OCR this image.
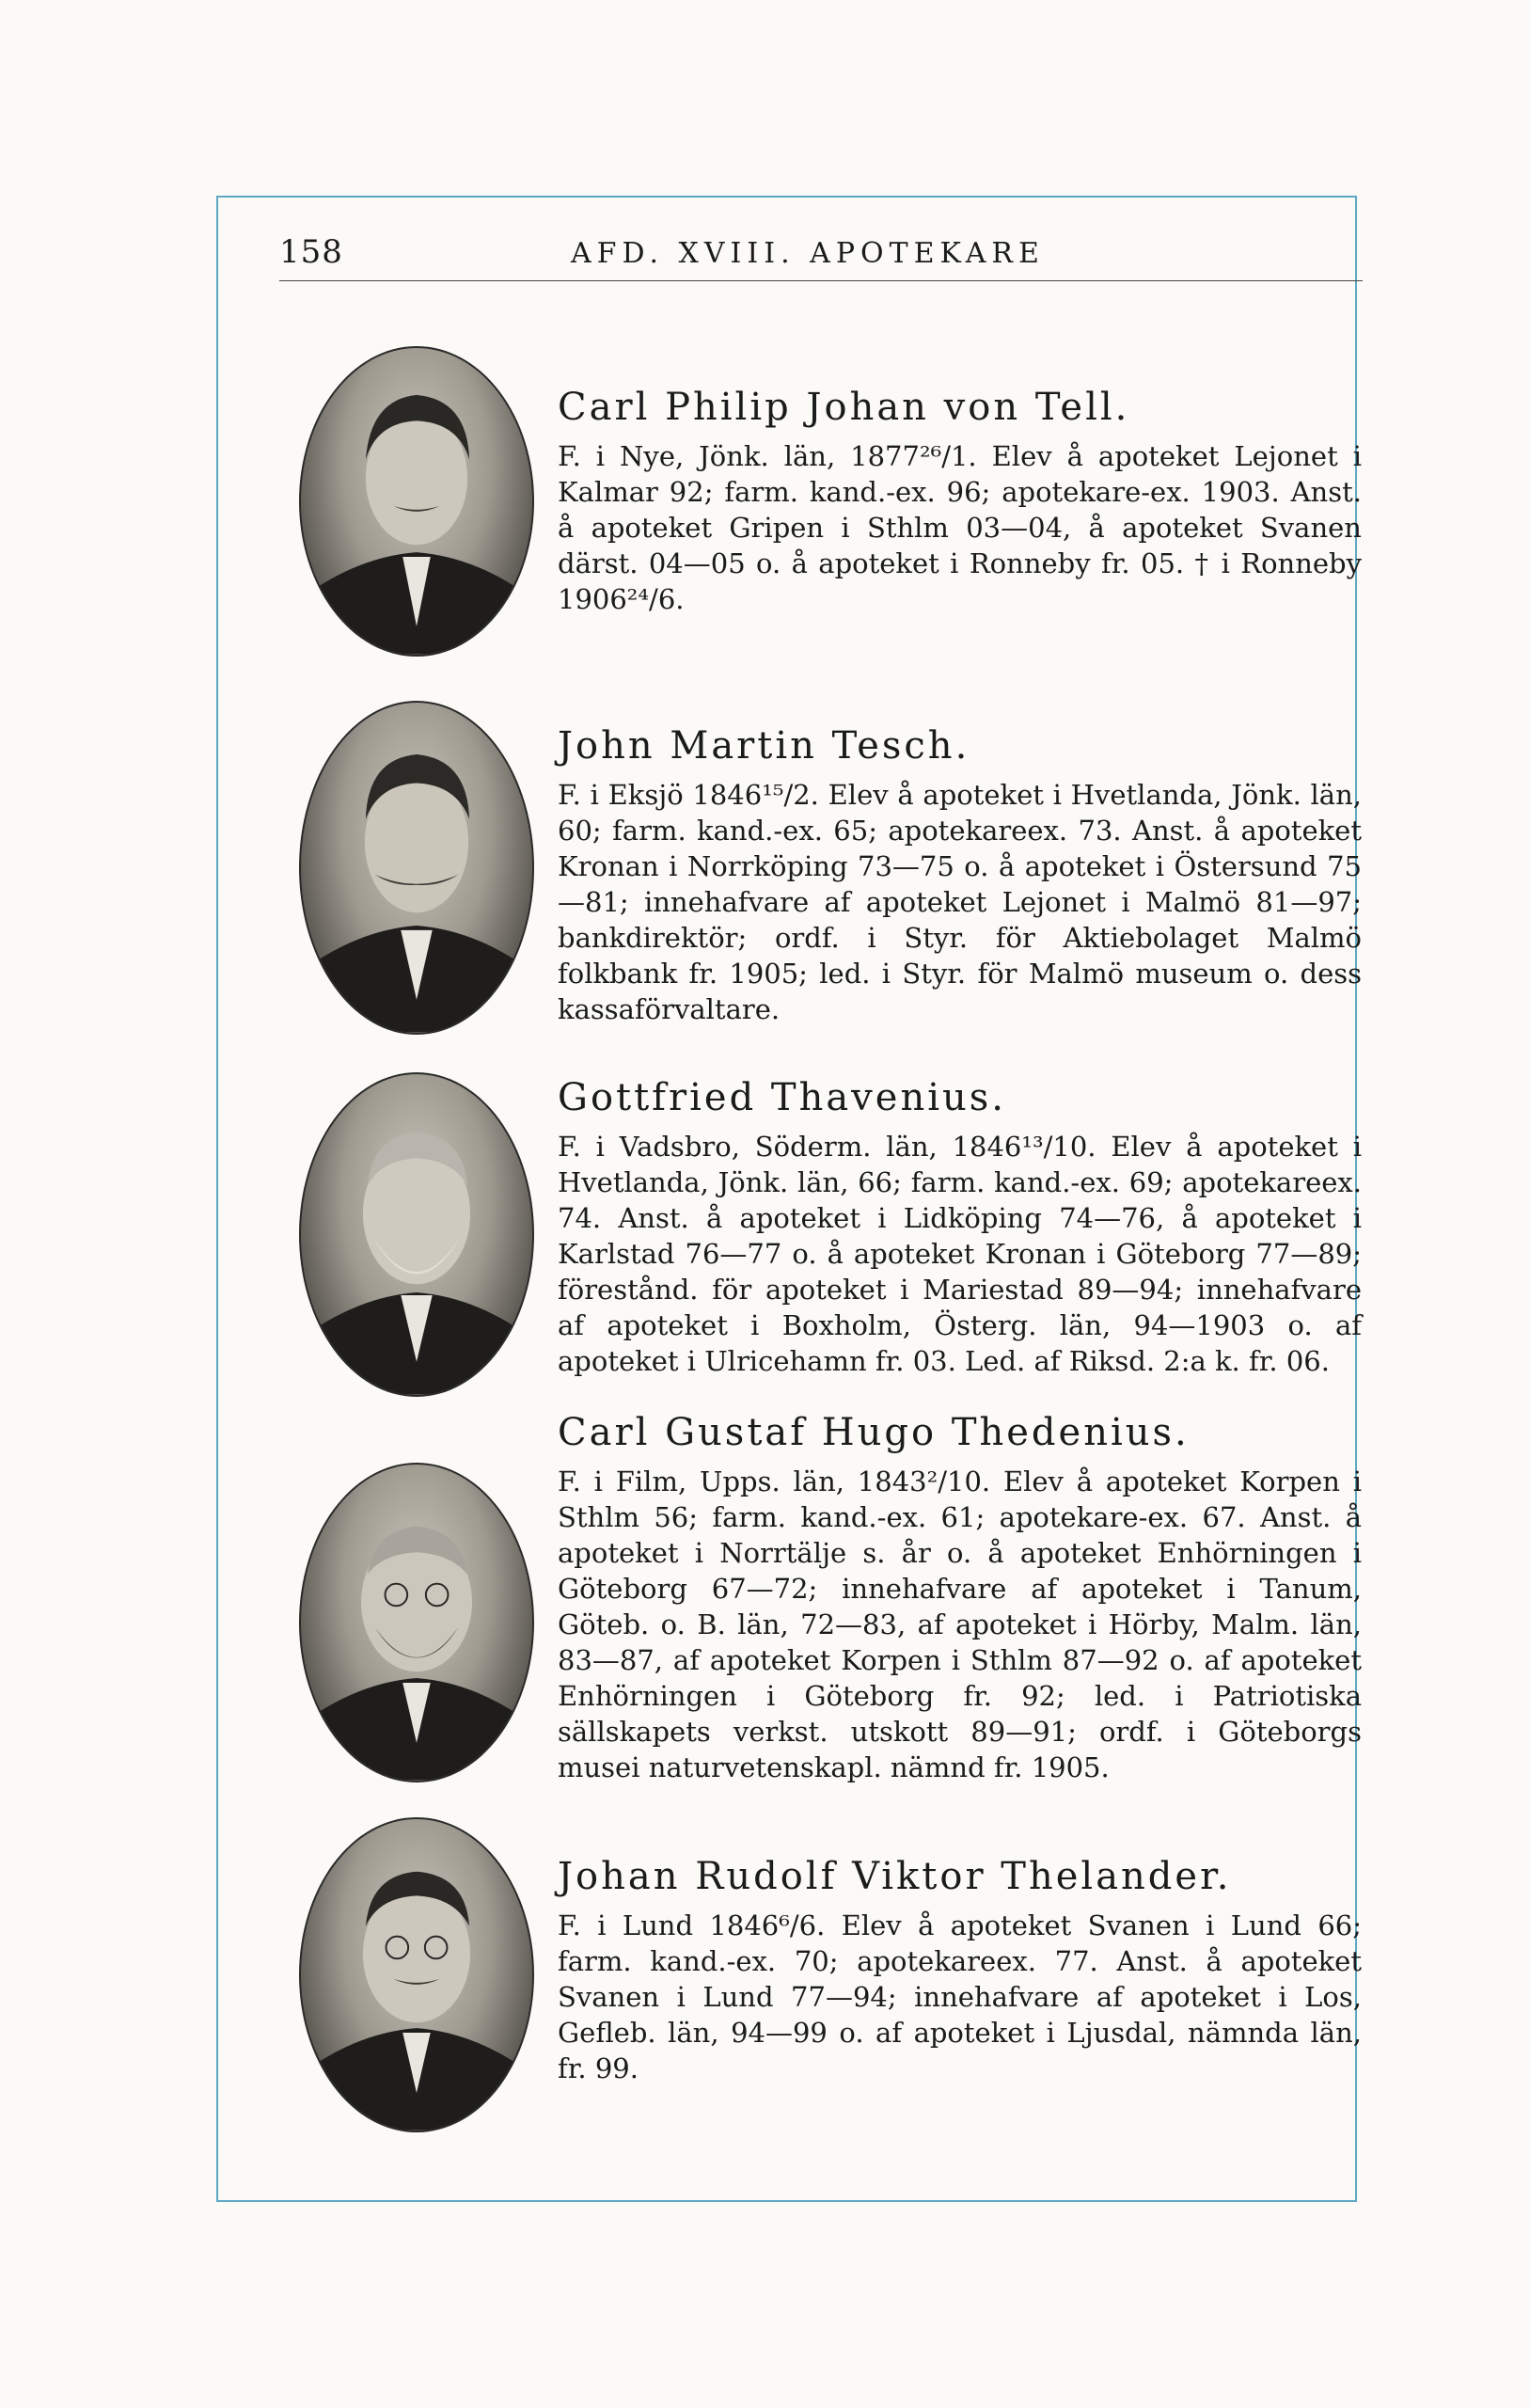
158	AFD. XVIII. APOTEKARE
Carl Philip Johan von Tell.
F. i Nye, Jönk. län, 1877²⁶/1. Elev å apoteket Lejonet i Kalmar 92; farm. kand.-ex. 96; apotekare-ex. 1903. Anst. å apoteket Gripen i Sthlm 03—04, å apoteket Svanen därst. 04—05 o. å apoteket i Ronneby fr. 05. † i Ronneby 1906²⁴/6.
John Martin Tesch.
F. i Eksjö 1846¹⁵/2. Elev å apoteket i Hvetlanda, Jönk. län, 60; farm. kand.-ex. 65; apotekareex. 73. Anst. å apoteket Kronan i Norrköping 73—75 o. å apoteket i Östersund 75—81; innehafvare af apoteket Lejonet i Malmö 81—97; bankdirektör; ordf. i Styr. för Aktiebolaget Malmö folkbank fr. 1905; led. i Styr. för Malmö museum o. dess kassaförvaltare.
Gottfried Thavenius.
F. i Vadsbro, Söderm. län, 1846¹³/10. Elev å apoteket i Hvetlanda, Jönk. län, 66; farm. kand.-ex. 69; apotekareex. 74. Anst. å apoteket i Lidköping 74—76, å apoteket i Karlstad 76—77 o. å apoteket Kronan i Göteborg 77—89; förestånd. för apoteket i Mariestad 89—94; innehafvare af apoteket i Boxholm, Österg. län, 94—1903 o. af apoteket i Ulricehamn fr. 03. Led. af Riksd. 2:a k. fr. 06.
Carl Gustaf Hugo Thedenius.
F. i Film, Upps. län, 1843²/10. Elev å apoteket Korpen i Sthlm 56; farm. kand.-ex. 61; apotekare-ex. 67. Anst. å apoteket i Norrtälje s. år o. å apoteket Enhörningen i Göteborg 67—72; innehafvare af apoteket i Tanum, Göteb. o. B. län, 72—83, af apoteket i Hörby, Malm. län, 83—87, af apoteket Korpen i Sthlm 87—92 o. af apoteket Enhörningen i Göteborg fr. 92; led. i Patriotiska sällskapets verkst. utskott 89—91; ordf. i Göteborgs musei naturvetenskapl. nämnd fr. 1905.
Johan Rudolf Viktor Thelander.
F. i Lund 1846⁶/6. Elev å apoteket Svanen i Lund 66; farm. kand.-ex. 70; apotekareex. 77. Anst. å apoteket Svanen i Lund 77—94; innehafvare af apoteket i Los, Gefleb. län, 94—99 o. af apoteket i Ljusdal, nämnda län, fr. 99.
